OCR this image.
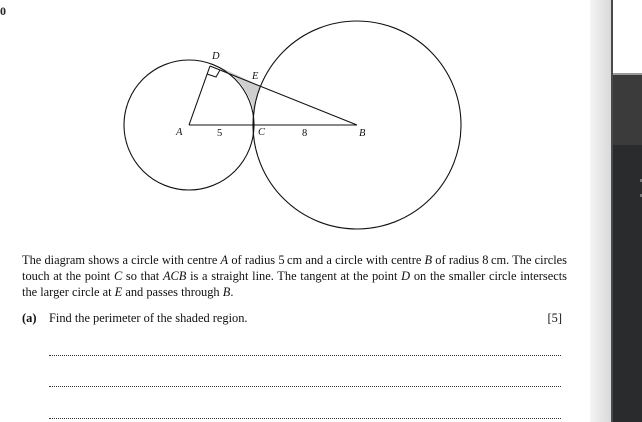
0
D
E
A	5	C	8	B
The diagram shows a circle with centre A of radius 5 cm and a circle with centre B of radius 8 cm. The circles touch at the point C so that ACB is a straight line. The tangent at the point D on the smaller circle intersects the larger circle at E and passes through B.
(a) Find the perimeter of the shaded region.	[5]
